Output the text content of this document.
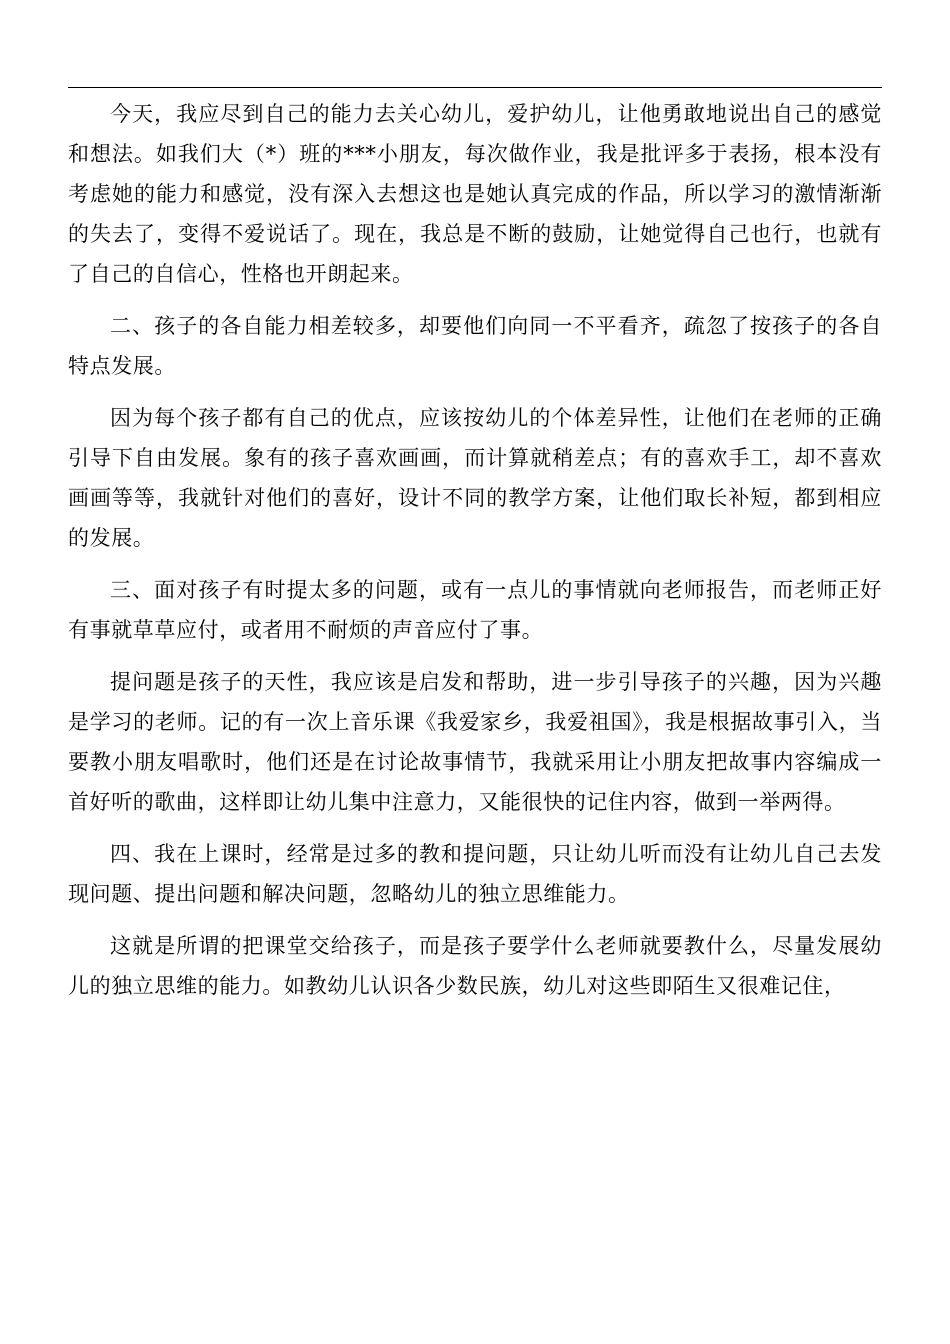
今天，我应尽到自己的能力去关心幼儿，爱护幼儿，让他勇敢地说出自己的感觉和想法。如我们大（*）班的***小朋友，每次做作业，我是批评多于表扬，根本没有考虑她的能力和感觉，没有深入去想这也是她认真完成的作品，所以学习的激情渐渐的失去了，变得不爱说话了。现在，我总是不断的鼓励，让她觉得自己也行，也就有了自己的自信心，性格也开朗起来。

二、孩子的各自能力相差较多，却要他们向同一不平看齐，疏忽了按孩子的各自特点发展。

因为每个孩子都有自己的优点，应该按幼儿的个体差异性，让他们在老师的正确引导下自由发展。象有的孩子喜欢画画，而计算就稍差点；有的喜欢手工，却不喜欢画画等等，我就针对他们的喜好，设计不同的教学方案，让他们取长补短，都到相应的发展。

三、面对孩子有时提太多的问题，或有一点儿的事情就向老师报告，而老师正好有事就草草应付，或者用不耐烦的声音应付了事。

提问题是孩子的天性，我应该是启发和帮助，进一步引导孩子的兴趣，因为兴趣是学习的老师。记的有一次上音乐课《我爱家乡，我爱祖国》，我是根据故事引入，当要教小朋友唱歌时，他们还是在讨论故事情节，我就采用让小朋友把故事内容编成一首好听的歌曲，这样即让幼儿集中注意力，又能很快的记住内容，做到一举两得。

四、我在上课时，经常是过多的教和提问题，只让幼儿听而没有让幼儿自己去发现问题、提出问题和解决问题，忽略幼儿的独立思维能力。

这就是所谓的把课堂交给孩子，而是孩子要学什么老师就要教什么，尽量发展幼儿的独立思维的能力。如教幼儿认识各少数民族，幼儿对这些即陌生又很难记住，
